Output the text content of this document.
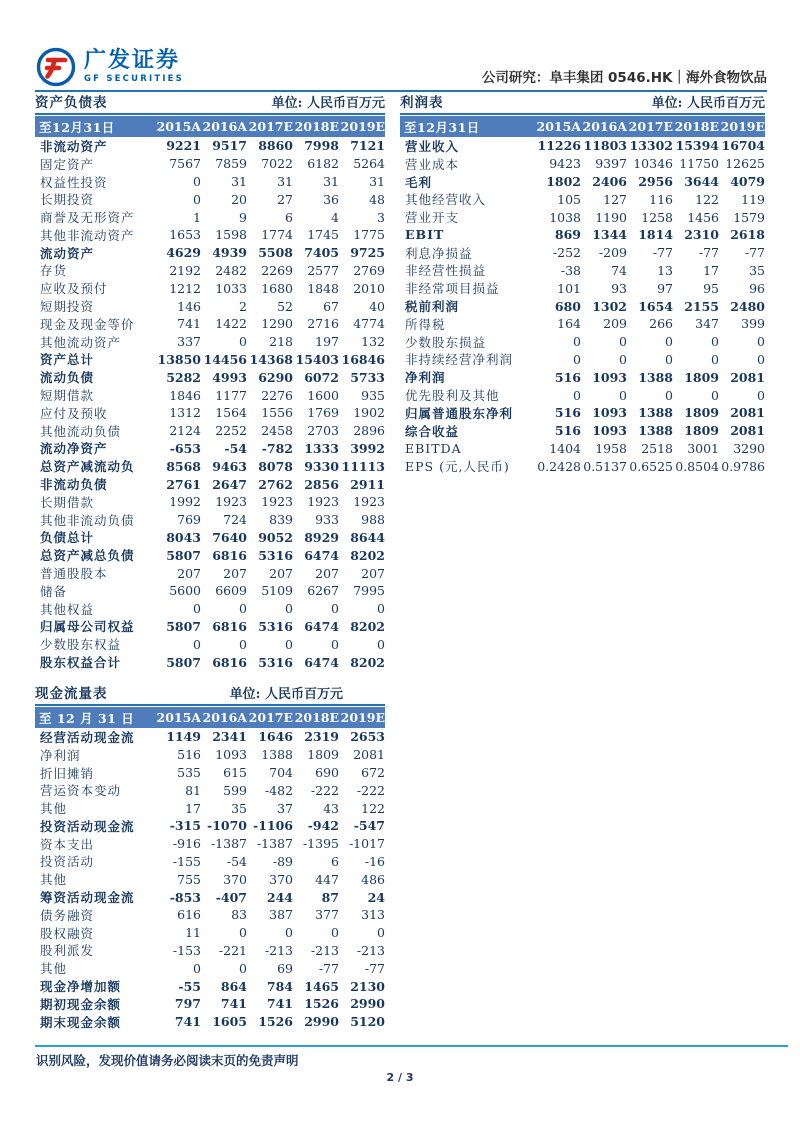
广发证券
GF SECURITIES	公司研究：阜丰集团 0546.HK｜海外食物饮品
资产负债表	单位: 人民币百万元
至12月31日	2015A 2016A 2017E 2018E 2019E
非流动资产	9221 9517 8860 7998 7121
固定资产	7567	7859	7022	6182	5264
权益性投资	0	31	31	31	31
长期投资	0	20	27	36	48
商誉及无形资产	1	9	6	4	3
其他非流动资产	1653	1598	1774	1745	1775
流动资产	4629 4939 5508 7405 9725
存货	2192	2482	2269	2577	2769
应收及预付	1212	1033	1680	1848	2010
短期投资	146	2	52	67	40
现金及现金等价	741	1422	1290	2716	4774
其他流动资产	337	0	218	197	132
资产总计	13850 14456 14368 15403 16846
流动负债	5282 4993 6290 6072 5733
短期借款	1846	1177	2276	1600	935
应付及预收	1312	1564	1556	1769	1902
其他流动负债	2124	2252	2458	2703	2896
流动净资产	-653	-54	-782 1333 3992
总资产减流动负	8568 9463 8078 9330 11113
非流动负债	2761 2647 2762 2856 2911
长期借款	1992	1923	1923	1923	1923
其他非流动负债	769	724	839	933	988
负债总计	8043 7640 9052 8929 8644
总资产减总负债	5807 6816 5316 6474 8202
普通股股本	207	207	207	207	207
储备	5600	6609	5109	6267	7995
其他权益	0	0	0	0	0
归属母公司权益	5807 6816 5316 6474 8202
少数股东权益	0	0	0	0	0
股东权益合计	5807 6816 5316 6474 8202
利润表	单位: 人民币百万元
至12月31日	2015A 2016A 2017E 2018E 2019E
营业收入	11226 11803 13302 15394 16704
营业成本	9423	9397 10346 11750 12625
毛利	1802 2406 2956 3644 4079
其他经营收入	105	127	116	122	119
营业开支	1038	1190	1258	1456	1579
EBIT	869 1344 1814 2310 2618
利息净损益	-252	-209	-77	-77	-77
非经营性损益	-38	74	13	17	35
非经常项目损益	101	93	97	95	96
税前利润	680 1302 1654 2155 2480
所得税	164	209	266	347	399
少数股东损益	0	0	0	0	0
非持续经营净利润	0	0	0	0	0
净利润	516 1093 1388 1809 2081
优先股利及其他	0	0	0	0	0
归属普通股东净利	516 1093 1388 1809 2081
综合收益	516 1093 1388 1809 2081
EBITDA	1404	1958	2518	3001	3290
EPS (元,人民币)	0.2428 0.5137 0.6525 0.8504 0.9786
现金流量表	单位: 人民币百万元
至 12 月 31 日	2015A 2016A 2017E 2018E 2019E
经营活动现金流	1149 2341 1646 2319 2653
净利润	516	1093	1388	1809	2081
折旧摊销	535	615	704	690	672
营运资本变动	81	599	-482	-222	-222
其他	17	35	37	43	122
投资活动现金流	-315 -1070 -1106	-942	-547
资本支出	-916 -1387 -1387 -1395 -1017
投资活动	-155	-54	-89	6	-16
其他	755	370	370	447	486
筹资活动现金流	-853	-407	244	87	24
债务融资	616	83	387	377	313
股权融资	11	0	0	0	0
股利派发	-153	-221	-213	-213	-213
其他	0	0	69	-77	-77
现金净增加额	-55	864	784 1465 2130
期初现金余额	797	741	741 1526 2990
期末现金余额	741 1605 1526 2990 5120
识别风险，发现价值请务必阅读末页的免责声明
2 / 3
